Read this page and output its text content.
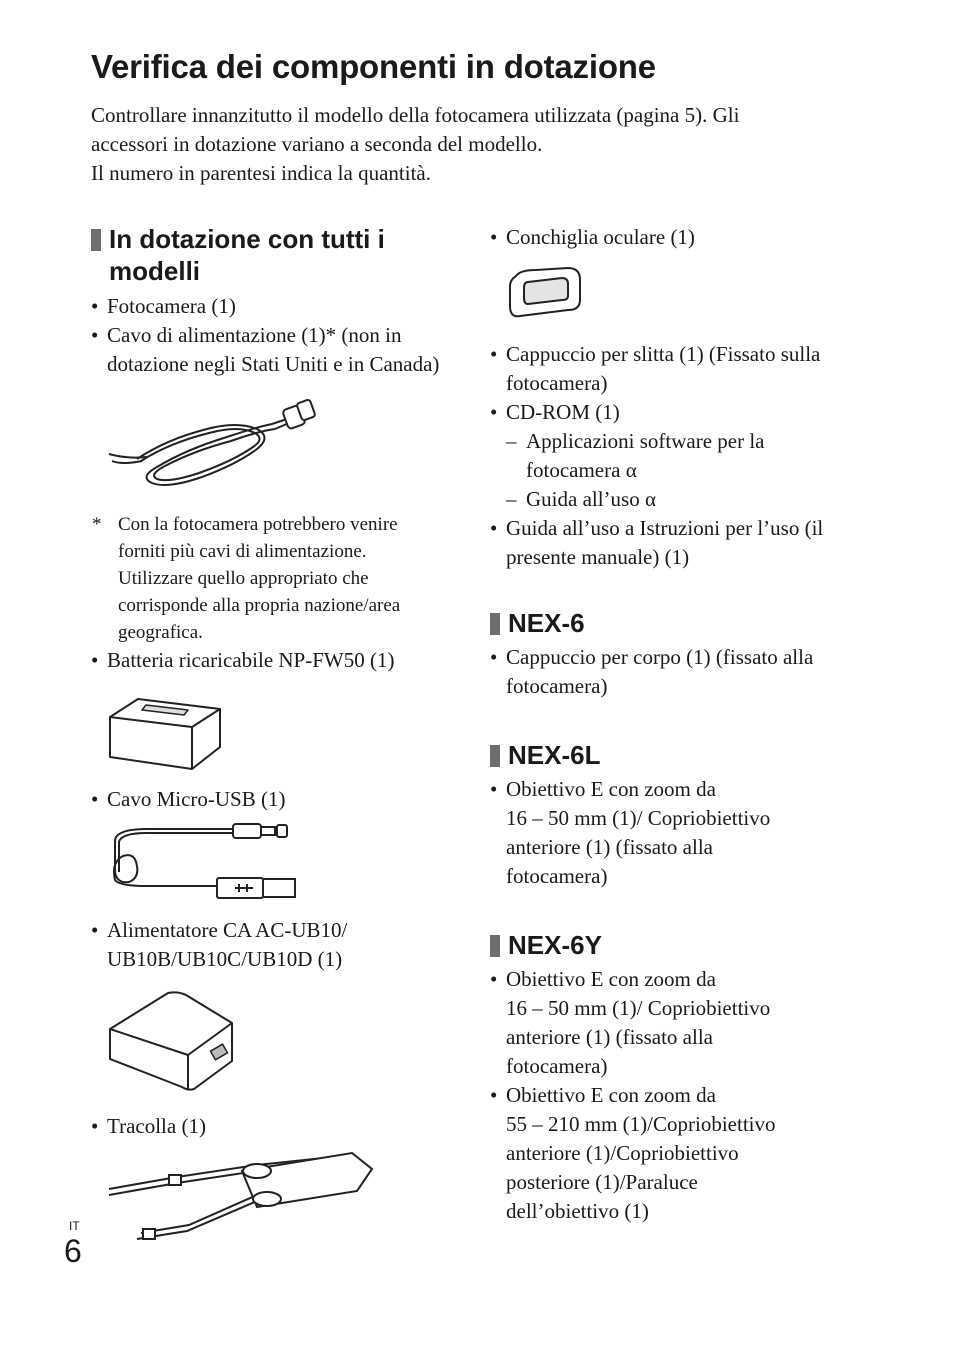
Verifica dei componenti in dotazione
Controllare innanzitutto il modello della fotocamera utilizzata (pagina 5). Gli
accessori in dotazione variano a seconda del modello.
Il numero in parentesi indica la quantità.
In dotazione con tutti i
modelli
• Fotocamera (1)
• Cavo di alimentazione (1)* (non in dotazione negli Stati Uniti e in Canada)
* Con la fotocamera potrebbero venire forniti più cavi di alimentazione. Utilizzare quello appropriato che corrisponde alla propria nazione/area geografica.
• Batteria ricaricabile NP-FW50 (1)
• Cavo Micro-USB (1)
• Alimentatore CA AC-UB10/
UB10B/UB10C/UB10D (1)
• Tracolla (1)
• Conchiglia oculare (1)
• Cappuccio per slitta (1) (Fissato sulla fotocamera)
• CD-ROM (1)
– Applicazioni software per la fotocamera α
– Guida all’uso α
• Guida all’uso a Istruzioni per l’uso (il presente manuale) (1)
NEX-6
• Cappuccio per corpo (1) (fissato alla fotocamera)
NEX-6L
• Obiettivo E con zoom da
16 – 50 mm (1)/ Copriobiettivo
anteriore (1) (fissato alla fotocamera)
NEX-6Y
• Obiettivo E con zoom da
16 – 50 mm (1)/ Copriobiettivo
anteriore (1) (fissato alla fotocamera)
• Obiettivo E con zoom da
55 – 210 mm (1)/Copriobiettivo
anteriore (1)/Copriobiettivo posteriore (1)/Paraluce dell’obiettivo (1)
IT
6
